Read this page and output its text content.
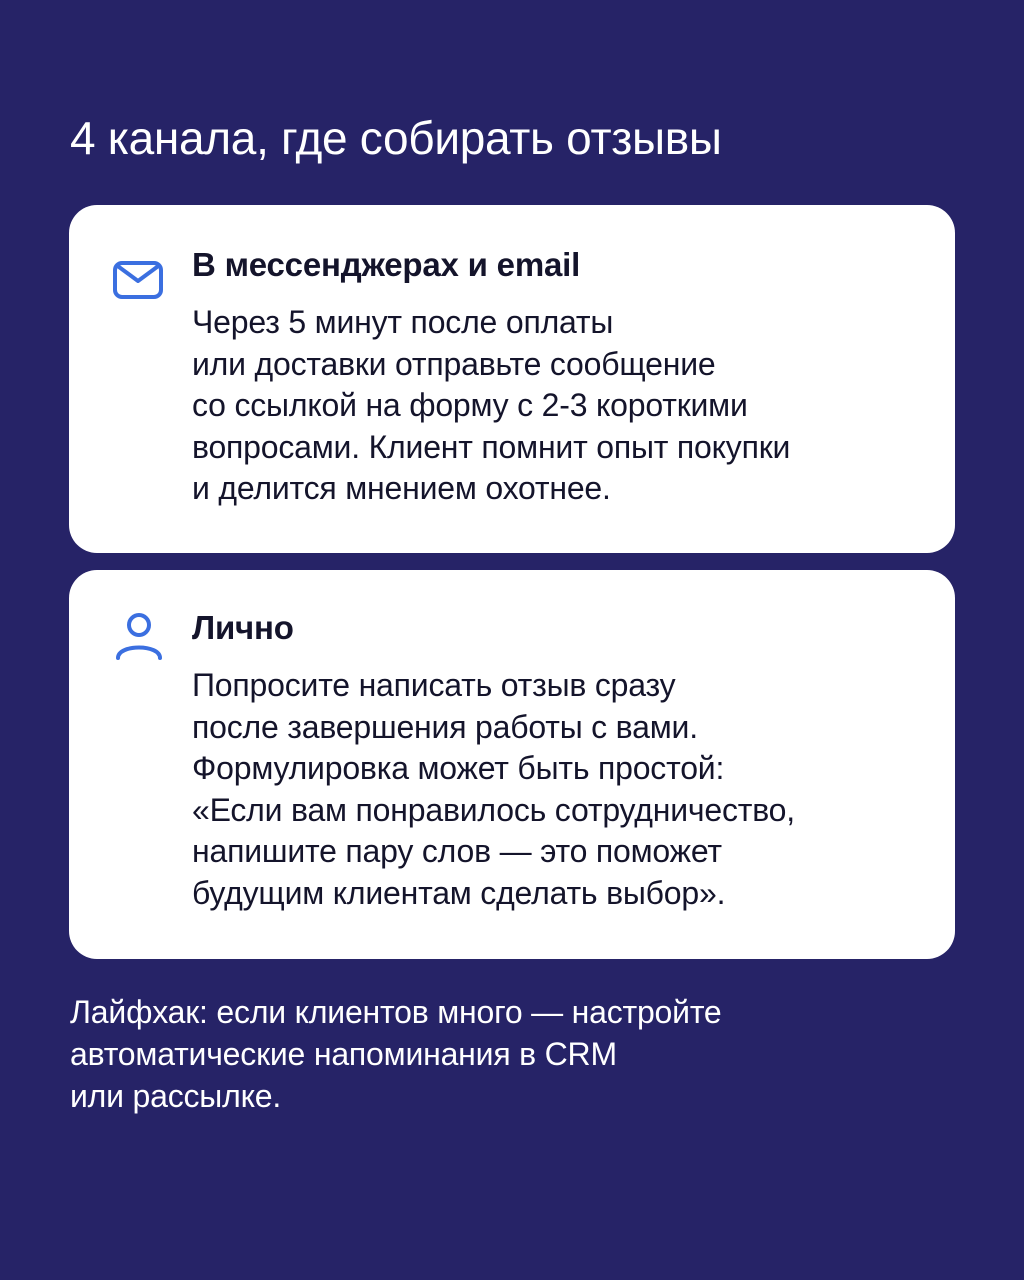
4 канала, где собирать отзывы
В мессенджерах и email
Через 5 минут после оплаты
или доставки отправьте сообщение
со ссылкой на форму с 2-3 короткими
вопросами. Клиент помнит опыт покупки
и делится мнением охотнее.
Лично
Попросите написать отзыв сразу
после завершения работы с вами.
Формулировка может быть простой:
«Если вам понравилось сотрудничество,
напишите пару слов — это поможет
будущим клиентам сделать выбор».
Лайфхак: если клиентов много — настройте
автоматические напоминания в CRM
или рассылке.
